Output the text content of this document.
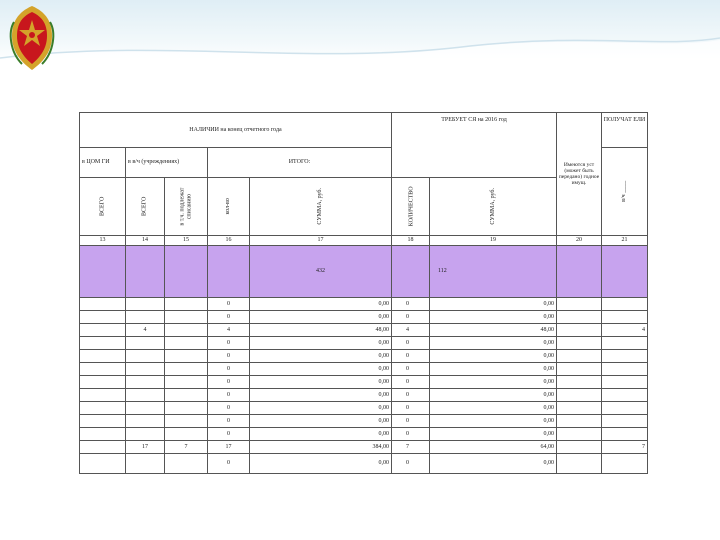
НАЛИЧИИ на конец отчетного года					ТРЕБУЕТ СЯ на 2016 год		Имеются уст (может быть передано) годное имущ.	ПОЛУЧАТ ЕЛИ
в ЦОМ ГИ	в в/ч (учреждениях)		ИТОГО:					в/ч ____
ВСЕГО	ВСЕГО	в т.ч. подлежат списанию	кол-во	СУММА, руб.	КОЛИЧЕСТВО	СУММА, руб.		
13	14	15	16	17	18	19	20	21
				432		112		
			0	0,00	0	0,00		
			0	0,00	0	0,00		
	4		4	48,00	4	48,00		4
			0	0,00	0	0,00		
			0	0,00	0	0,00		
			0	0,00	0	0,00		
			0	0,00	0	0,00		
			0	0,00	0	0,00		
			0	0,00	0	0,00		
			0	0,00	0	0,00		
			0	0,00	0	0,00		
	17	7	17	384,00	7	64,00		7
			0	0,00	0	0,00		
